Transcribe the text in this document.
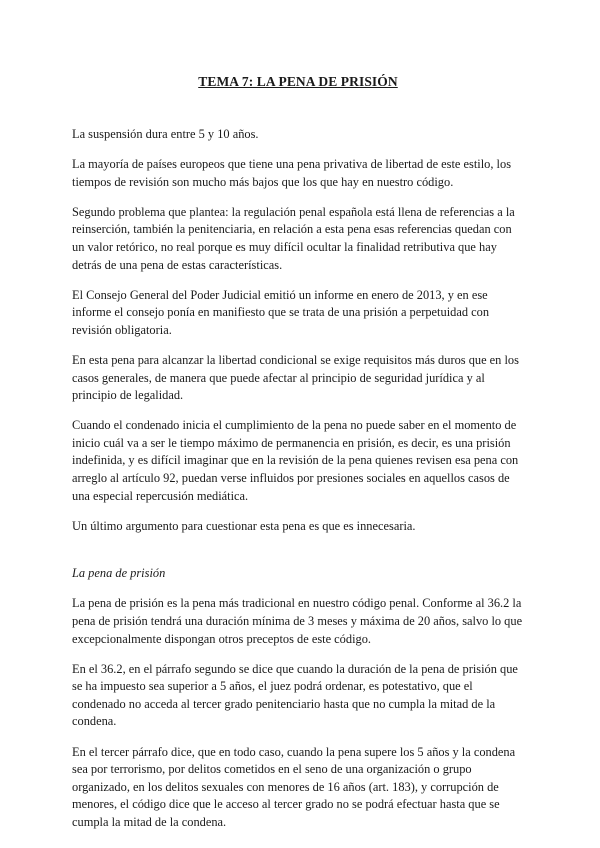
TEMA 7: LA PENA DE PRISIÓN

La suspensión dura entre 5 y 10 años.

La mayoría de países europeos que tiene una pena privativa de libertad de este estilo, los tiempos de revisión son mucho más bajos que los que hay en nuestro código.

Segundo problema que plantea: la regulación penal española está llena de referencias a la reinserción, también la penitenciaria, en relación a esta pena esas referencias quedan con un valor retórico, no real porque es muy difícil ocultar la finalidad retributiva que hay detrás de una pena de estas características.

El Consejo General del Poder Judicial emitió un informe en enero de 2013, y en ese informe el consejo ponía en manifiesto que se trata de una prisión a perpetuidad con revisión obligatoria.

En esta pena para alcanzar la libertad condicional se exige requisitos más duros que en los casos generales, de manera que puede afectar al principio de seguridad jurídica y al principio de legalidad.

Cuando el condenado inicia el cumplimiento de la pena no puede saber en el momento de inicio cuál va a ser le tiempo máximo de permanencia en prisión, es decir, es una prisión indefinida, y es difícil imaginar que en la revisión de la pena quienes revisen esa pena con arreglo al artículo 92, puedan verse influidos por presiones sociales en aquellos casos de una especial repercusión mediática.

Un último argumento para cuestionar esta pena es que es innecesaria.

La pena de prisión

La pena de prisión es la pena más tradicional en nuestro código penal. Conforme al 36.2 la pena de prisión tendrá una duración mínima de 3 meses y máxima de 20 años, salvo lo que excepcionalmente dispongan otros preceptos de este código.

En el 36.2, en el párrafo segundo se dice que cuando la duración de la pena de prisión que se ha impuesto sea superior a 5 años, el juez podrá ordenar, es potestativo, que el condenado no acceda al tercer grado penitenciario hasta que no cumpla la mitad de la condena.

En el tercer párrafo dice, que en todo caso, cuando la pena supere los 5 años y la condena sea por terrorismo, por delitos cometidos en el seno de una organización o grupo organizado, en los delitos sexuales con menores de 16 años (art. 183), y corrupción de menores, el código dice que le acceso al tercer grado no se podrá efectuar hasta que se cumpla la mitad de la condena.
